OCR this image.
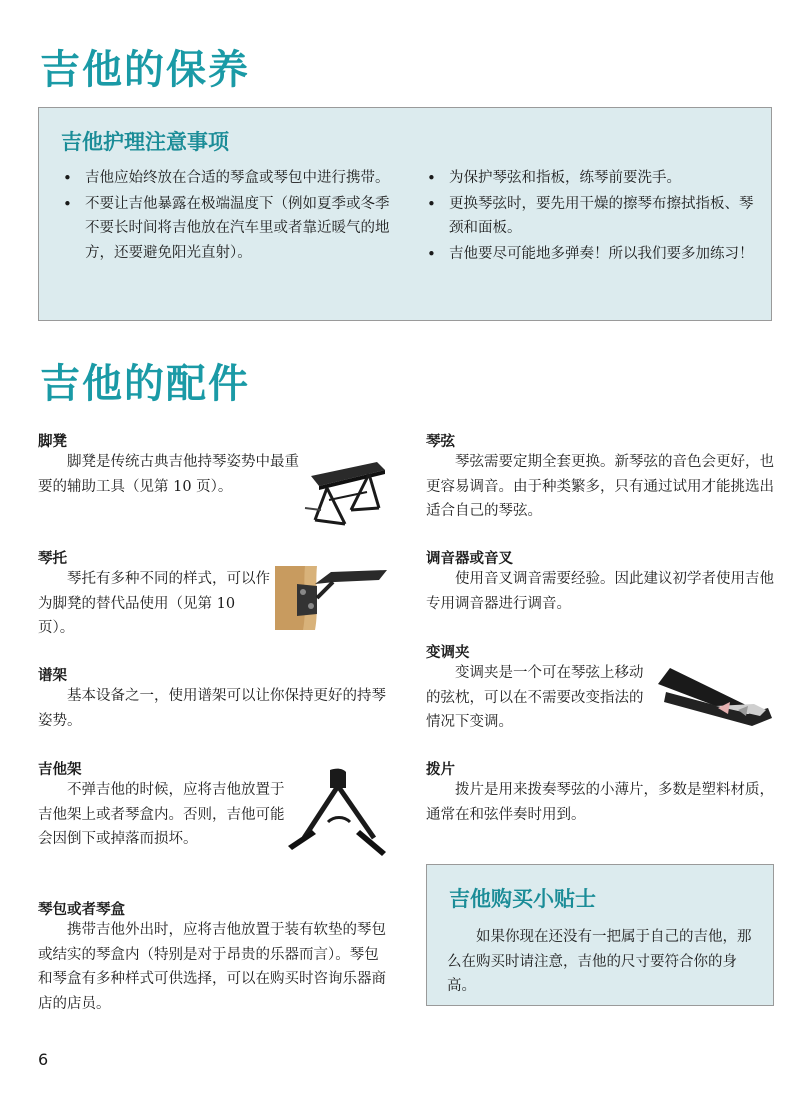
吉他的保养
吉他护理注意事项
• 吉他应始终放在合适的琴盒或琴包中进行携带。
• 不要让吉他暴露在极端温度下（例如夏季或冬季不要长时间将吉他放在汽车里或者靠近暖气的地方，还要避免阳光直射）。
• 为保护琴弦和指板，练琴前要洗手。
• 更换琴弦时，要先用干燥的擦琴布擦拭指板、琴颈和面板。
• 吉他要尽可能地多弹奏！所以我们要多加练习！
吉他的配件
脚凳

脚凳是传统古典吉他持琴姿势中最重要的辅助工具（见第 10 页）。

琴托

琴托有多种不同的样式，可以作为脚凳的替代品使用（见第 10 页）。

谱架

基本设备之一，使用谱架可以让你保持更好的持琴姿势。

吉他架

不弹吉他的时候，应将吉他放置于吉他架上或者琴盒内。否则，吉他可能会因倒下或掉落而损坏。

琴包或者琴盒

携带吉他外出时，应将吉他放置于装有软垫的琴包或结实的琴盒内（特别是对于昂贵的乐器而言）。琴包和琴盒有多种样式可供选择，可以在购买时咨询乐器商店的店员。

琴弦

琴弦需要定期全套更换。新琴弦的音色会更好，也更容易调音。由于种类繁多，只有通过试用才能挑选出适合自己的琴弦。

调音器或音叉

使用音叉调音需要经验。因此建议初学者使用吉他专用调音器进行调音。

变调夹

变调夹是一个可在琴弦上移动的弦枕，可以在不需要改变指法的情况下变调。

拨片

拨片是用来拨奏琴弦的小薄片，多数是塑料材质，通常在和弦伴奏时用到。

吉他购买小贴士

如果你现在还没有一把属于自己的吉他，那么在购买时请注意，吉他的尺寸要符合你的身高。

6
